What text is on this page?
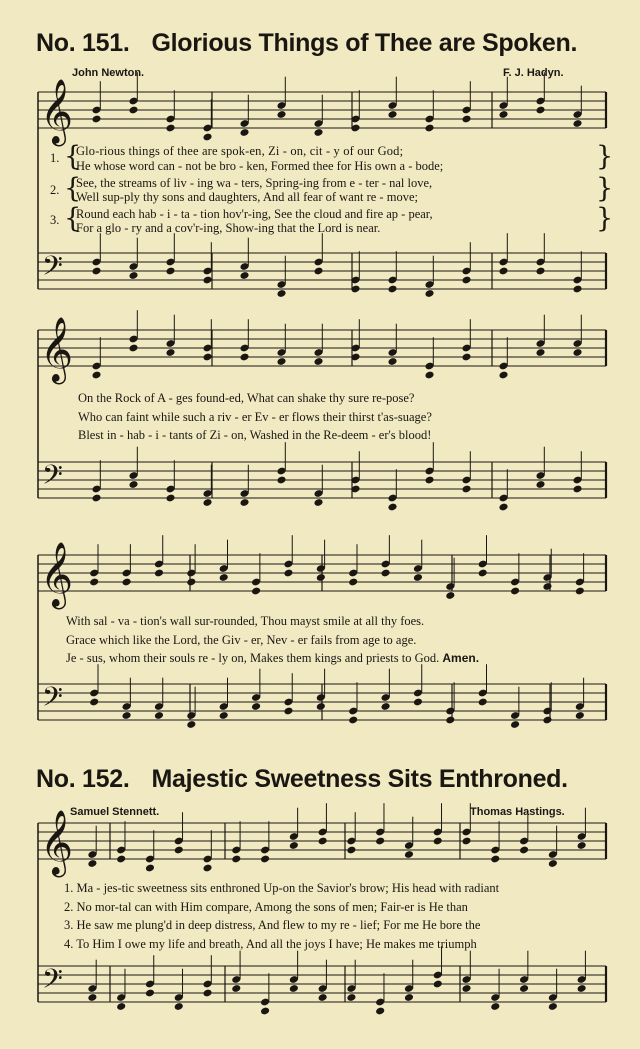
No. 151. Glorious Things of Thee are Spoken.
John Newton.	F. J. Hadyn.
𝄞
𝄢
𝄞
𝄢
𝄞
𝄢
𝄞
𝄢
1.
2.
3.
{
{
{
}
}
}
Glo-rious things of thee are spok-en, Zi - on, cit - y of our God;
He whose word can - not be bro - ken, Formed thee for His own a - bode;
See, the streams of liv - ing wa - ters, Spring-ing from e - ter - nal love,
Well sup-ply thy sons and daughters, And all fear of want re - move;
Round each hab - i - ta - tion hov'r-ing, See the cloud and fire ap - pear,
For a glo - ry and a cov'r-ing, Show-ing that the Lord is near.
On the Rock of A - ges found-ed, What can shake thy sure re-pose?
Who can faint while such a riv - er Ev - er flows their thirst t'as-suage?
Blest in - hab - i - tants of Zi - on, Washed in the Re-deem - er's blood!
With sal - va - tion's wall sur-rounded, Thou mayst smile at all thy foes.
Grace which like the Lord, the Giv - er, Nev - er fails from age to age.
Je - sus, whom their souls re - ly on, Makes them kings and priests to God. Amen.
No. 152. Majestic Sweetness Sits Enthroned.
Samuel Stennett.	Thomas Hastings.
1. Ma - jes-tic sweetness sits enthroned Up-on the Savior's brow; His head with radiant
2. No mor-tal can with Him compare, Among the sons of men; Fair-er is He than
3. He saw me plung'd in deep distress, And flew to my re - lief; For me He bore the
4. To Him I owe my life and breath, And all the joys I have; He makes me triumph
